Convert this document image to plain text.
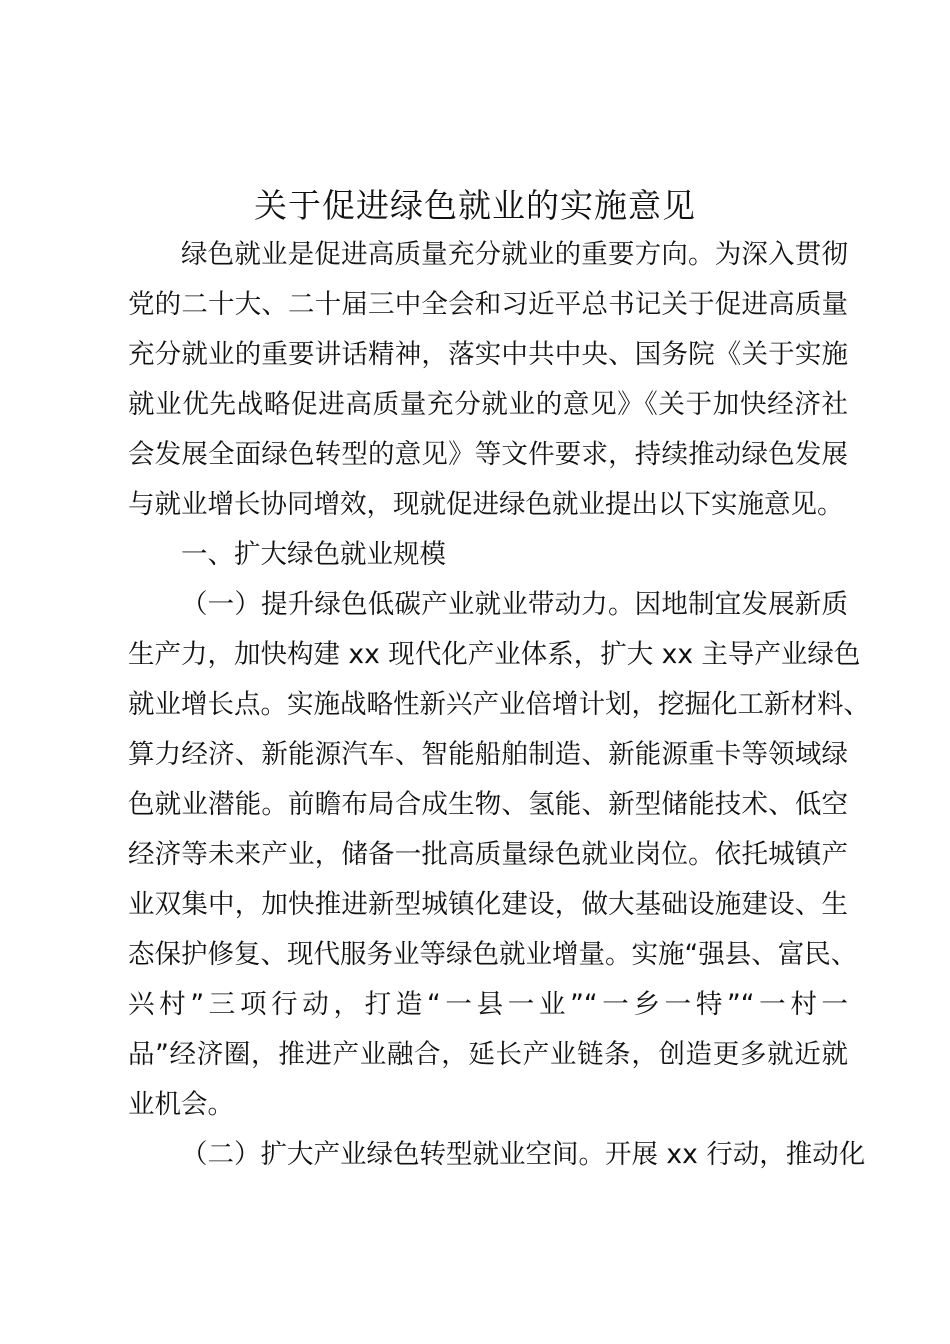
关于促进绿色就业的实施意见
绿色就业是促进高质量充分就业的重要方向。为深入贯彻
党的二十大、二十届三中全会和习近平总书记关于促进高质量
充分就业的重要讲话精神，落实中共中央、国务院《关于实施
就业优先战略促进高质量充分就业的意见》《关于加快经济社
会发展全面绿色转型的意见》等文件要求，持续推动绿色发展
与就业增长协同增效，现就促进绿色就业提出以下实施意见。
一、扩大绿色就业规模
（一）提升绿色低碳产业就业带动力。因地制宜发展新质
生产力，加快构建 xx 现代化产业体系，扩大 xx 主导产业绿色
就业增长点。实施战略性新兴产业倍增计划，挖掘化工新材料、
算力经济、新能源汽车、智能船舶制造、新能源重卡等领域绿
色就业潜能。前瞻布局合成生物、氢能、新型储能技术、低空
经济等未来产业，储备一批高质量绿色就业岗位。依托城镇产
业双集中，加快推进新型城镇化建设，做大基础设施建设、生
态保护修复、现代服务业等绿色就业增量。实施“强县、富民、
兴村”三项行动，打造“一县一业”“一乡一特”“一村一
品”经济圈，推进产业融合，延长产业链条，创造更多就近就
业机会。
（二）扩大产业绿色转型就业空间。开展 xx 行动，推动化
